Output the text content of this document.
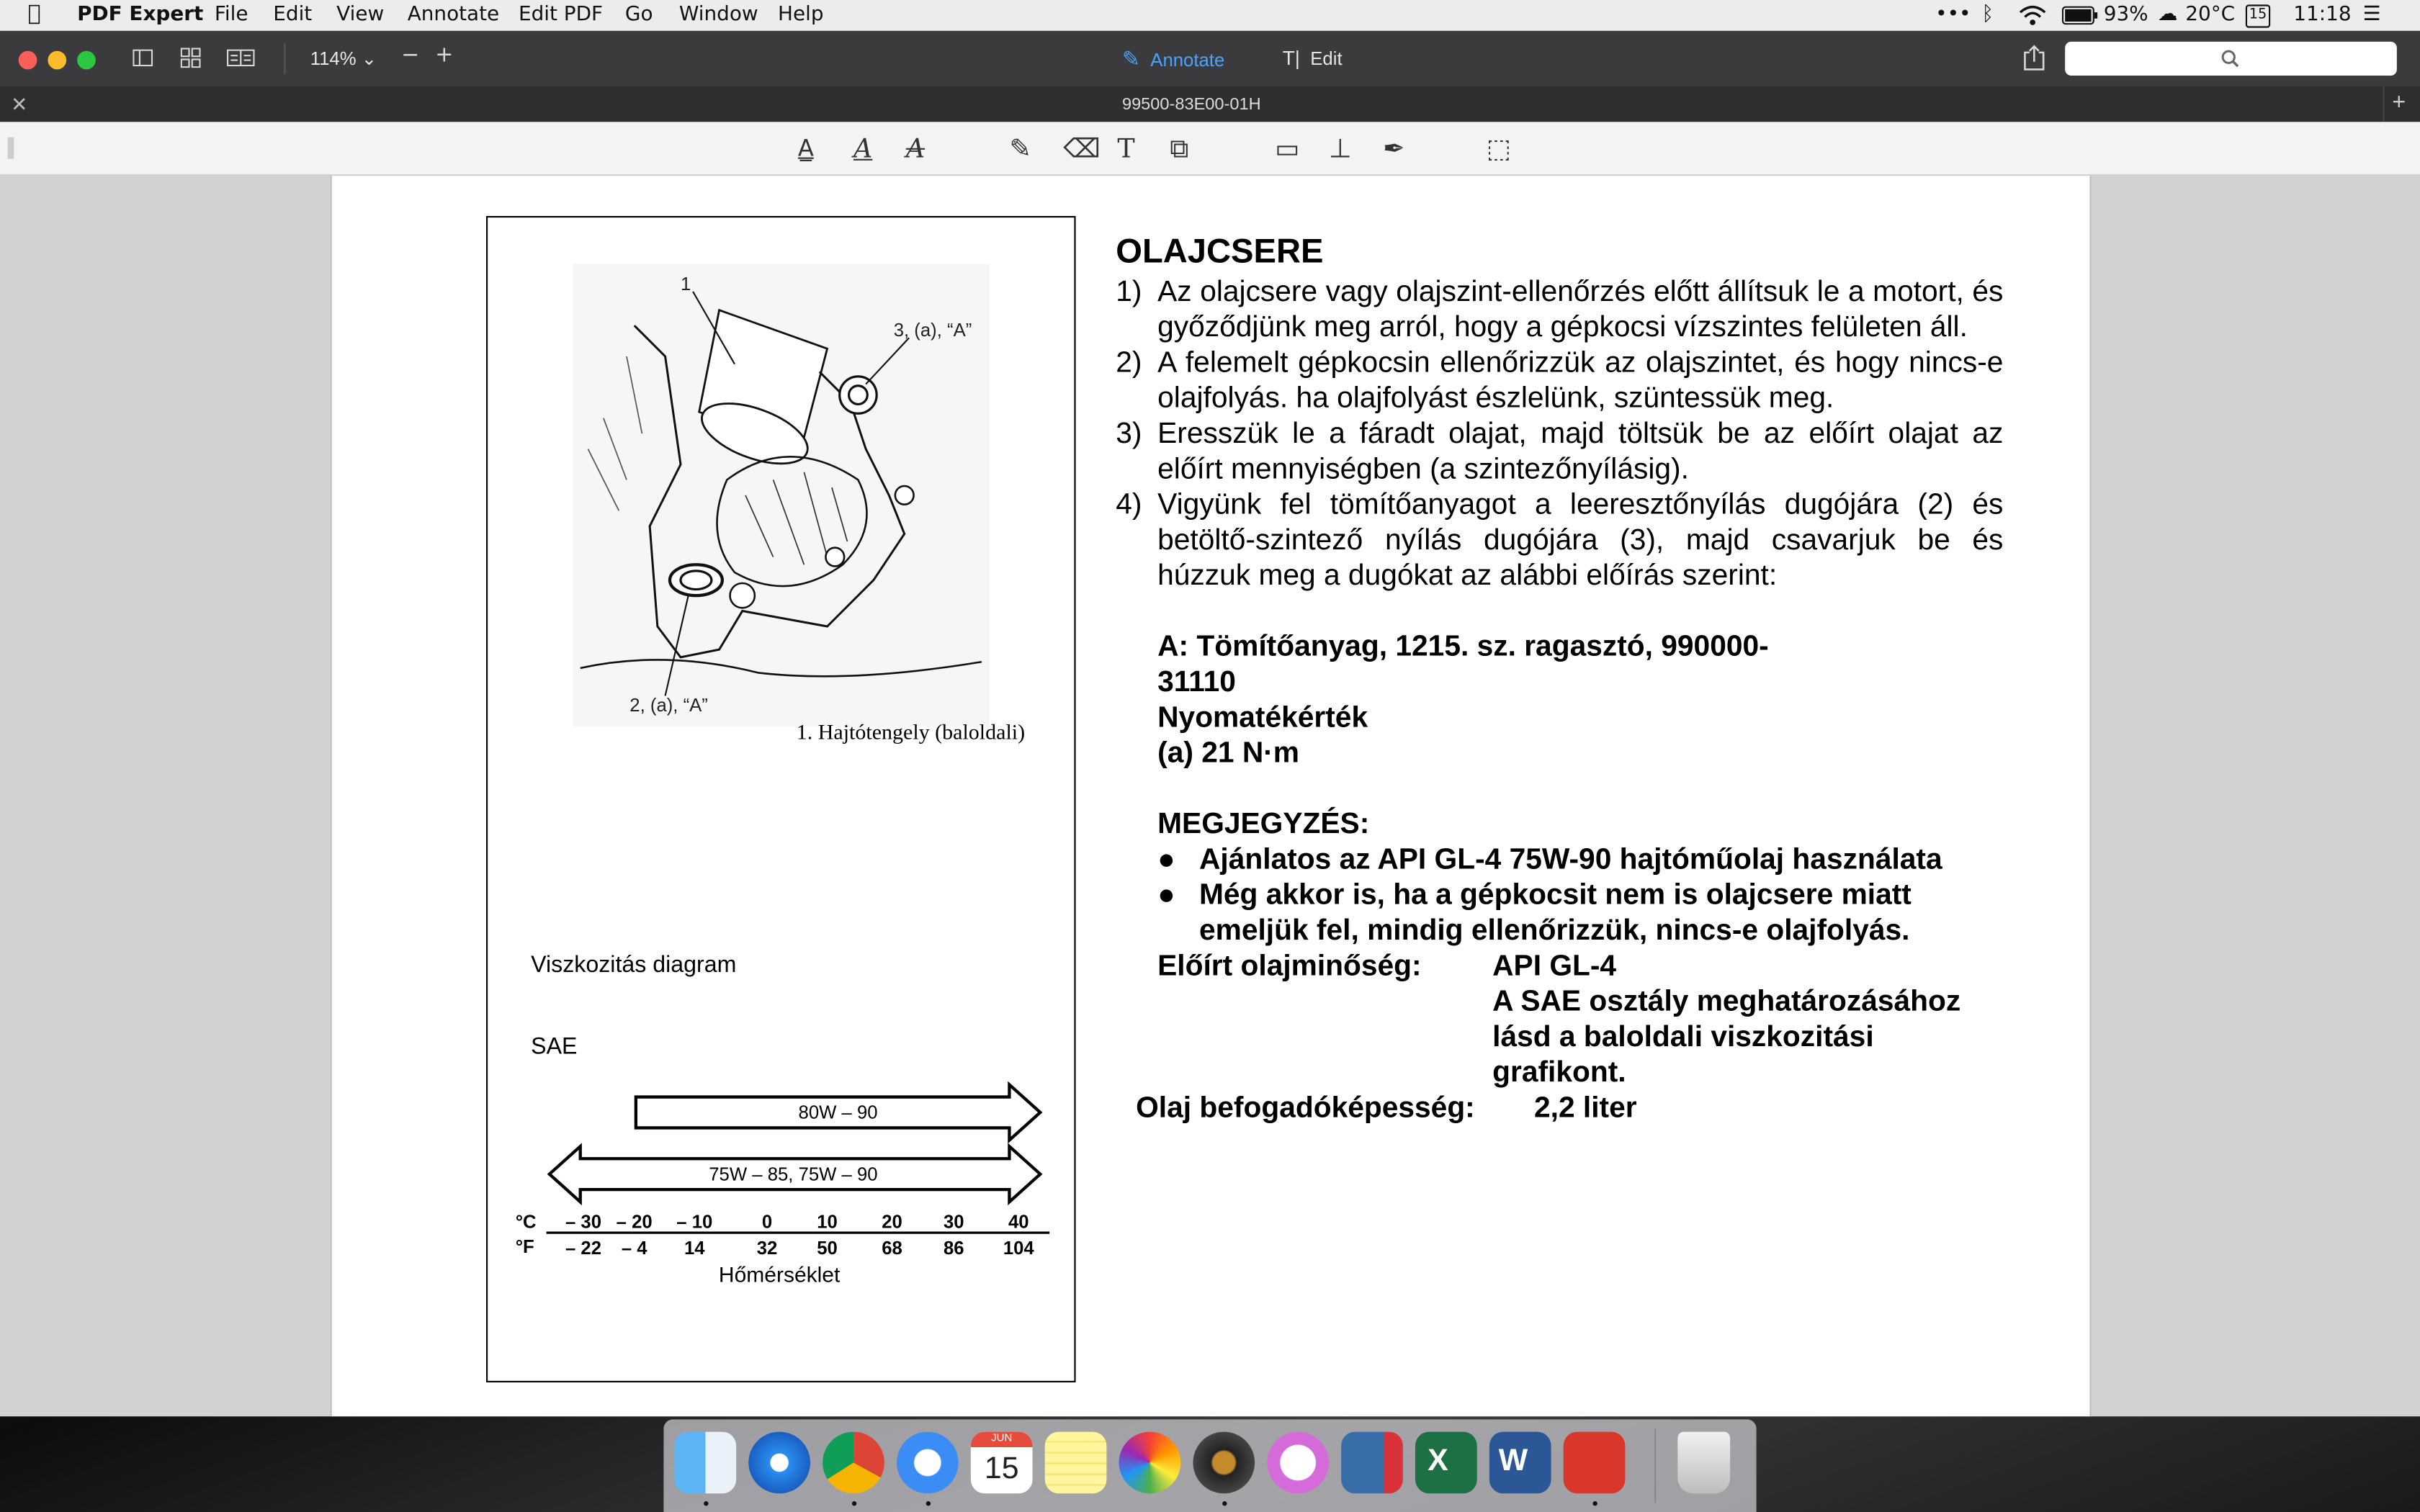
PDF Expert File	Edit	View Annotate Edit PDF Go	Window Help	••• ᛒ	93% ☁ 20°C	15	11:18 ☰
114% ⌄ − +	✎ Annotate	T| Edit
✕	99500-83E00-01H	+
A̲	A	A	✎	⌫ T	⧉	▭ ⊥	✒	⬚
1
3, (a), “A”
2, (a), “A”
1. Hajtótengely (baloldali)
Viszkozitás diagram
SAE
80W – 90
75W – 85, 75W – 90
°C
°F
– 30 – 20	– 10	0	10	20	30	40
– 22 – 4	14	32	50	68	86	104
Hőmérséklet
OLAJCSERE
1)	Az olajcsere vagy olajszint-ellenőrzés előtt állítsuk le a motort, és győződjünk meg arról, hogy a gépkocsi vízszintes felületen áll.
2)	A felemelt gépkocsin ellenőrizzük az olajszintet, és hogy nincs-e olajfolyás. ha olajfolyást észlelünk, szüntessük meg.
3)	Eresszük le a fáradt olajat, majd töltsük be az előírt olajat az előírt mennyiségben (a szintezőnyílásig).
4)	Vigyünk fel tömítőanyagot a leeresztőnyílás dugójára (2) és betöltő-szintező nyílás dugójára (3), majd csavarjuk be és húzzuk meg a dugókat az alábbi előírás szerint:
A: Tömítőanyag, 1215. sz. ragasztó, 990000-31110
Nyomatékérték
(a) 21 N·m
MEGJEGYZÉS:
●	Ajánlatos az API GL-4 75W-90 hajtóműolaj használata
●	Még akkor is, ha a gépkocsit nem is olajcsere miatt emeljük fel, mindig ellenőrizzük, nincs-e olajfolyás.
Előírt olajminőség:	API GL-4
A SAE osztály meghatározásához lásd a baloldali viszkozitási grafikont.
Olaj befogadóképesség:	2,2 liter
JUN
15	X	W
